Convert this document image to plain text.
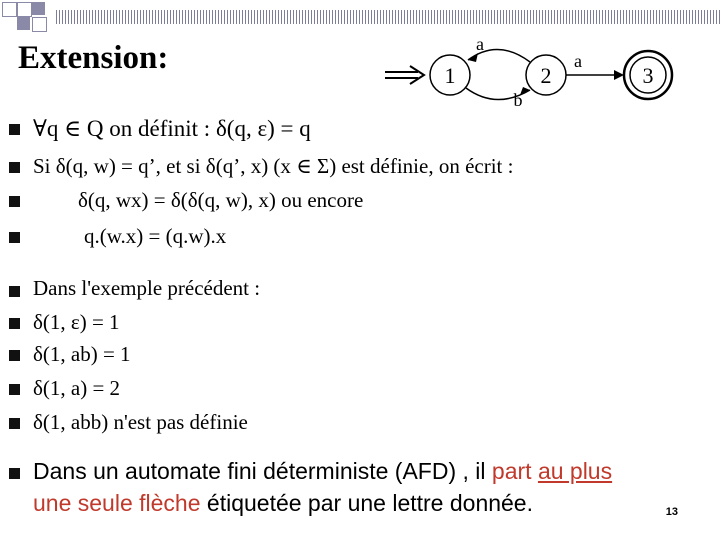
Extension:	1	2	3
a
b
a
∀q ∈ Q on définit : δ(q, ε) = q
Si δ(q, w) = q’, et si δ(q’, x) (x ∈ Σ) est définie, on écrit :
δ(q, wx) = δ(δ(q, w), x) ou encore
q.(w.x) = (q.w).x
Dans l'exemple précédent :
δ(1, ε) = 1
δ(1, ab) = 1
δ(1, a) = 2
δ(1, abb) n'est pas définie
Dans un automate fini déterministe (AFD) , il part au plus
une seule flèche étiquetée par une lettre donnée.	13
